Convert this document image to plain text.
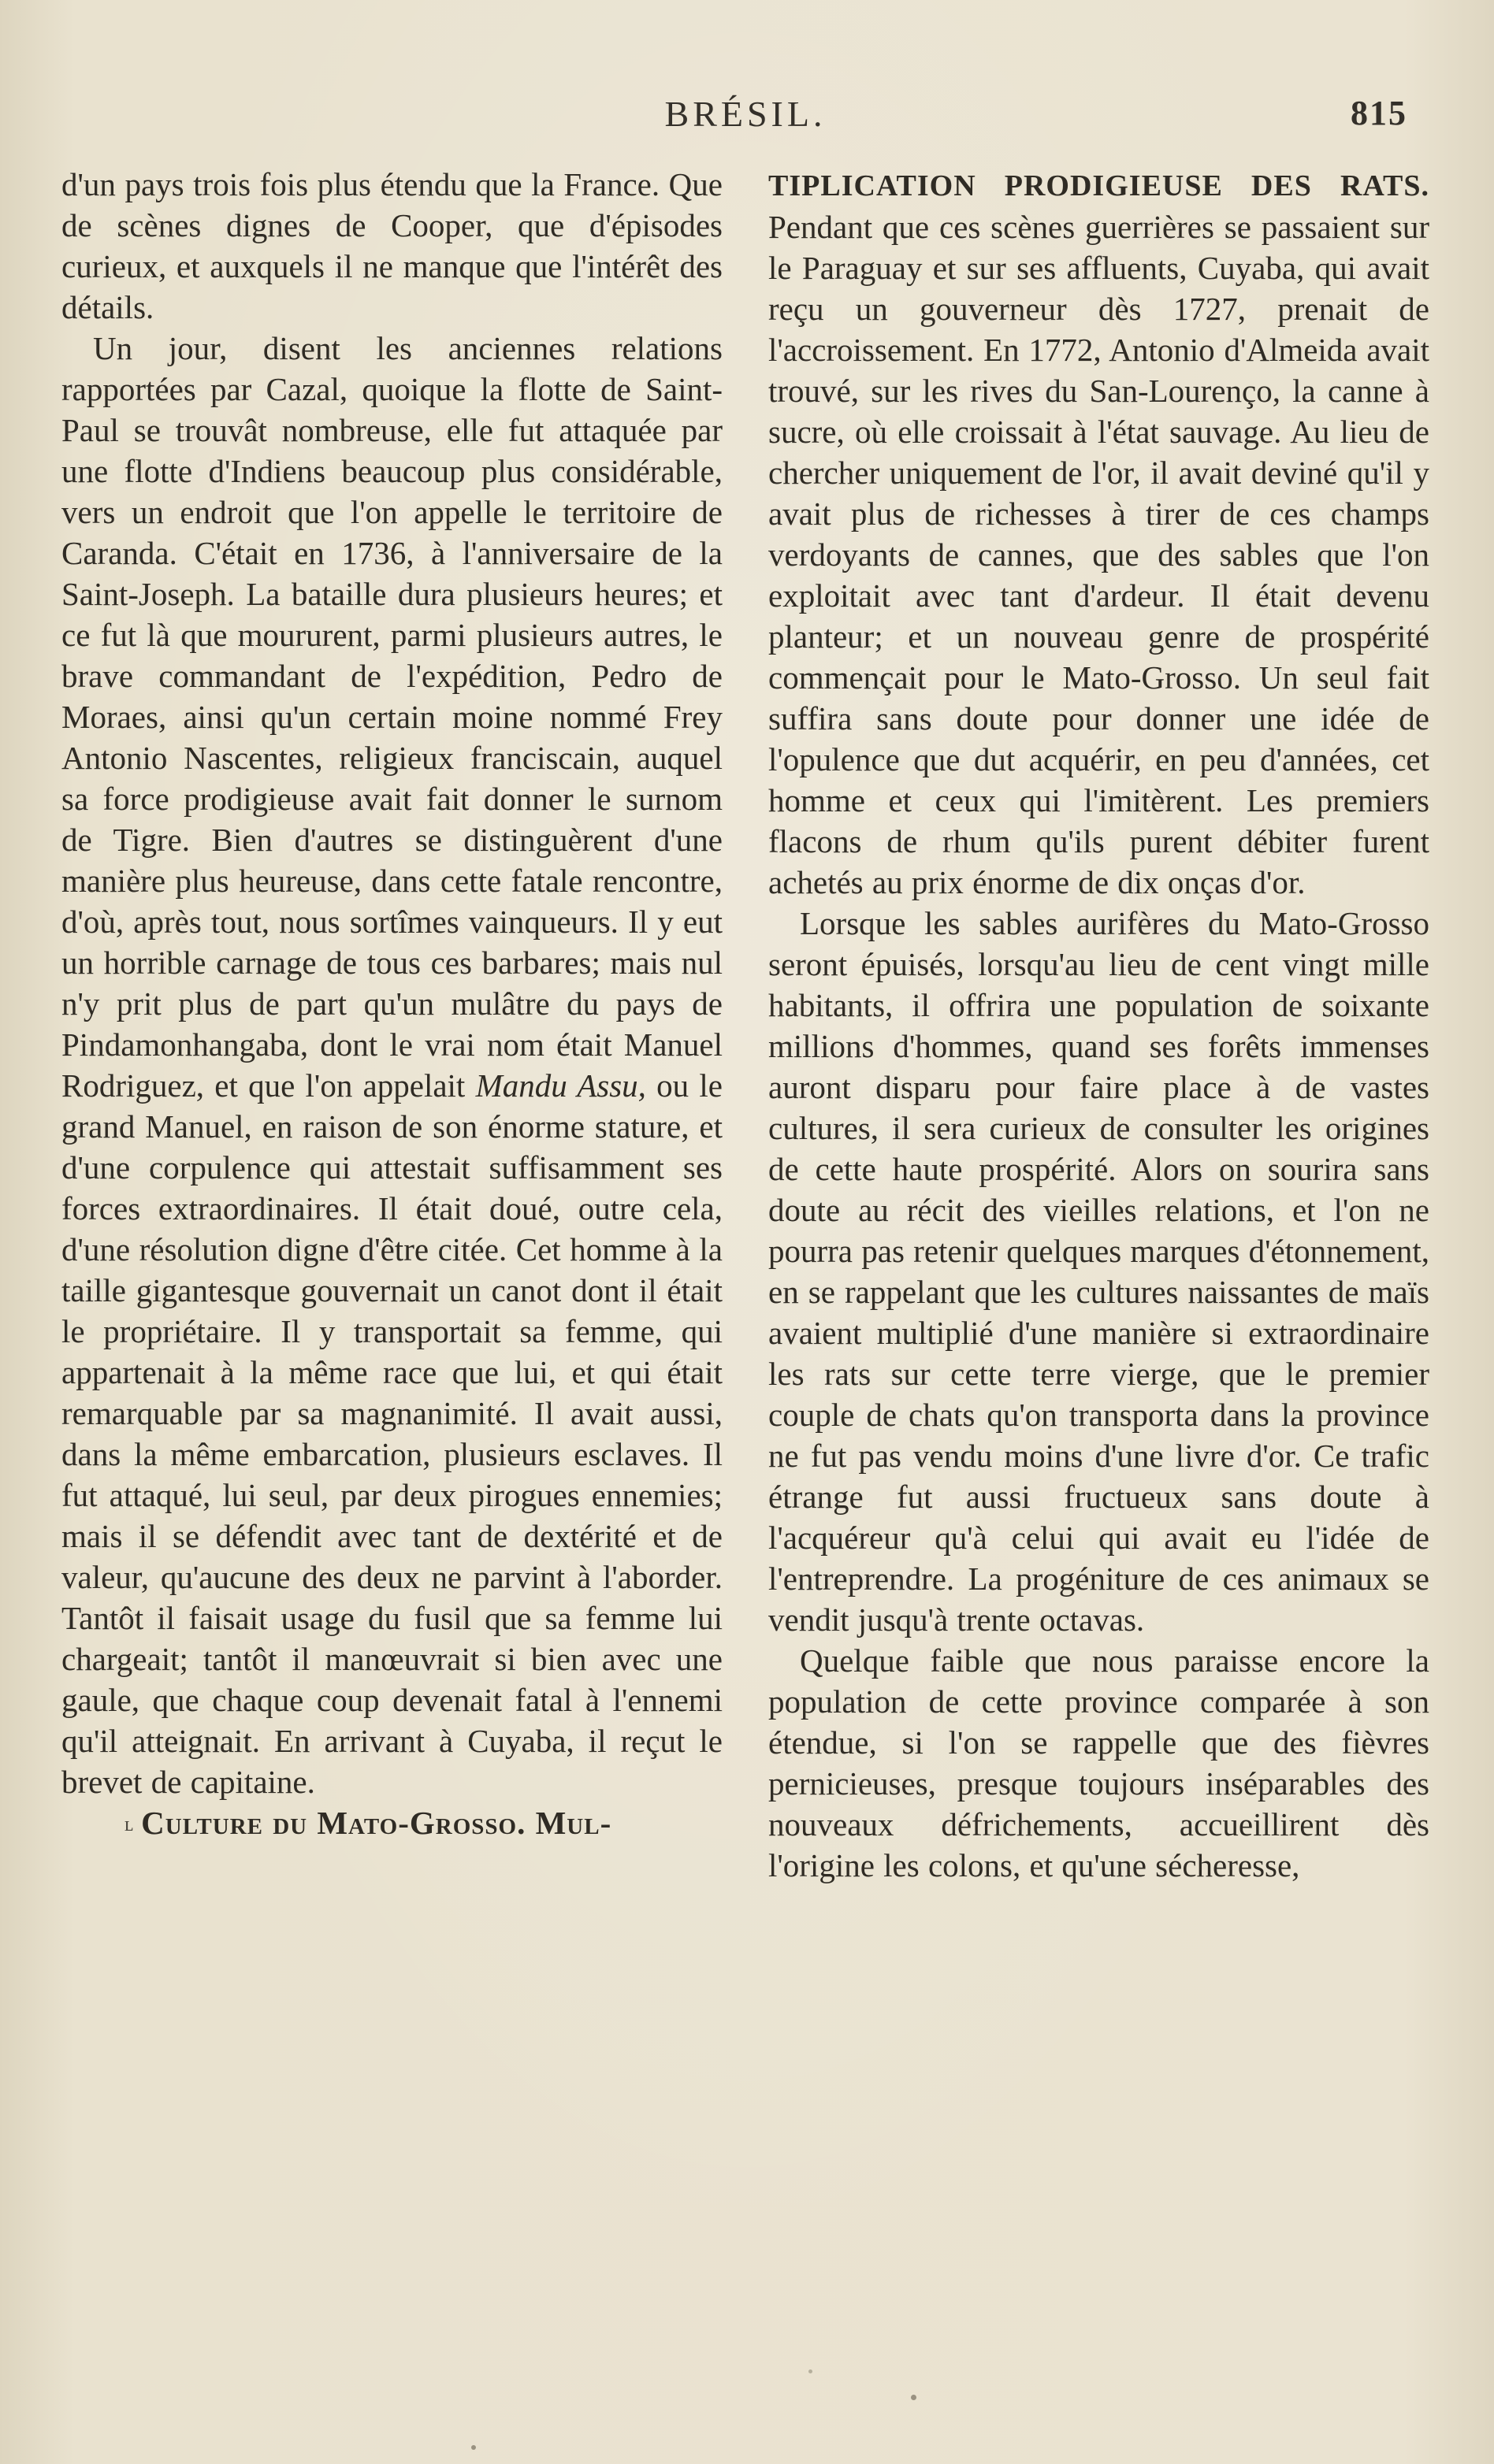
BRÉSIL.	815

d'un pays trois fois plus étendu que la France. Que de scènes dignes de Cooper, que d'épisodes curieux, et auxquels il ne manque que l'intérêt des détails.

Un jour, disent les anciennes relations rapportées par Cazal, quoique la flotte de Saint-Paul se trouvât nombreuse, elle fut attaquée par une flotte d'Indiens beaucoup plus considérable, vers un endroit que l'on appelle le territoire de Caranda. C'était en 1736, à l'anniversaire de la Saint-Joseph. La bataille dura plusieurs heures; et ce fut là que moururent, parmi plusieurs autres, le brave commandant de l'expédition, Pedro de Moraes, ainsi qu'un certain moine nommé Frey Antonio Nascentes, religieux franciscain, auquel sa force prodigieuse avait fait donner le surnom de Tigre. Bien d'autres se distinguèrent d'une manière plus heureuse, dans cette fatale rencontre, d'où, après tout, nous sortîmes vainqueurs. Il y eut un horrible carnage de tous ces barbares; mais nul n'y prit plus de part qu'un mulâtre du pays de Pindamonhangaba, dont le vrai nom était Manuel Rodriguez, et que l'on appelait Mandu Assu, ou le grand Manuel, en raison de son énorme stature, et d'une corpulence qui attestait suffisamment ses forces extraordinaires. Il était doué, outre cela, d'une résolution digne d'être citée. Cet homme à la taille gigantesque gouvernait un canot dont il était le propriétaire. Il y transportait sa femme, qui appartenait à la même race que lui, et qui était remarquable par sa magnanimité. Il avait aussi, dans la même embarcation, plusieurs esclaves. Il fut attaqué, lui seul, par deux pirogues ennemies; mais il se défendit avec tant de dextérité et de valeur, qu'aucune des deux ne parvint à l'aborder. Tantôt il faisait usage du fusil que sa femme lui chargeait; tantôt il manœuvrait si bien avec une gaule, que chaque coup devenait fatal à l'ennemi qu'il atteignait. En arrivant à Cuyaba, il reçut le brevet de capitaine.

ʟ Culture du Mato-Grosso. Mul-

TIPLICATION PRODIGIEUSE DES RATS. Pendant que ces scènes guerrières se passaient sur le Paraguay et sur ses affluents, Cuyaba, qui avait reçu un gouverneur dès 1727, prenait de l'accroissement. En 1772, Antonio d'Almeida avait trouvé, sur les rives du San-Lourenço, la canne à sucre, où elle croissait à l'état sauvage. Au lieu de chercher uniquement de l'or, il avait deviné qu'il y avait plus de richesses à tirer de ces champs verdoyants de cannes, que des sables que l'on exploitait avec tant d'ardeur. Il était devenu planteur; et un nouveau genre de prospérité commençait pour le Mato-Grosso. Un seul fait suffira sans doute pour donner une idée de l'opulence que dut acquérir, en peu d'années, cet homme et ceux qui l'imitèrent. Les premiers flacons de rhum qu'ils purent débiter furent achetés au prix énorme de dix onças d'or.

Lorsque les sables aurifères du Mato-Grosso seront épuisés, lorsqu'au lieu de cent vingt mille habitants, il offrira une population de soixante millions d'hommes, quand ses forêts immenses auront disparu pour faire place à de vastes cultures, il sera curieux de consulter les origines de cette haute prospérité. Alors on sourira sans doute au récit des vieilles relations, et l'on ne pourra pas retenir quelques marques d'étonnement, en se rappelant que les cultures naissantes de maïs avaient multiplié d'une manière si extraordinaire les rats sur cette terre vierge, que le premier couple de chats qu'on transporta dans la province ne fut pas vendu moins d'une livre d'or. Ce trafic étrange fut aussi fructueux sans doute à l'acquéreur qu'à celui qui avait eu l'idée de l'entreprendre. La progéniture de ces animaux se vendit jusqu'à trente octavas.

Quelque faible que nous paraisse encore la population de cette province comparée à son étendue, si l'on se rappelle que des fièvres pernicieuses, presque toujours inséparables des nouveaux défrichements, accueillirent dès l'origine les colons, et qu'une sécheresse,
